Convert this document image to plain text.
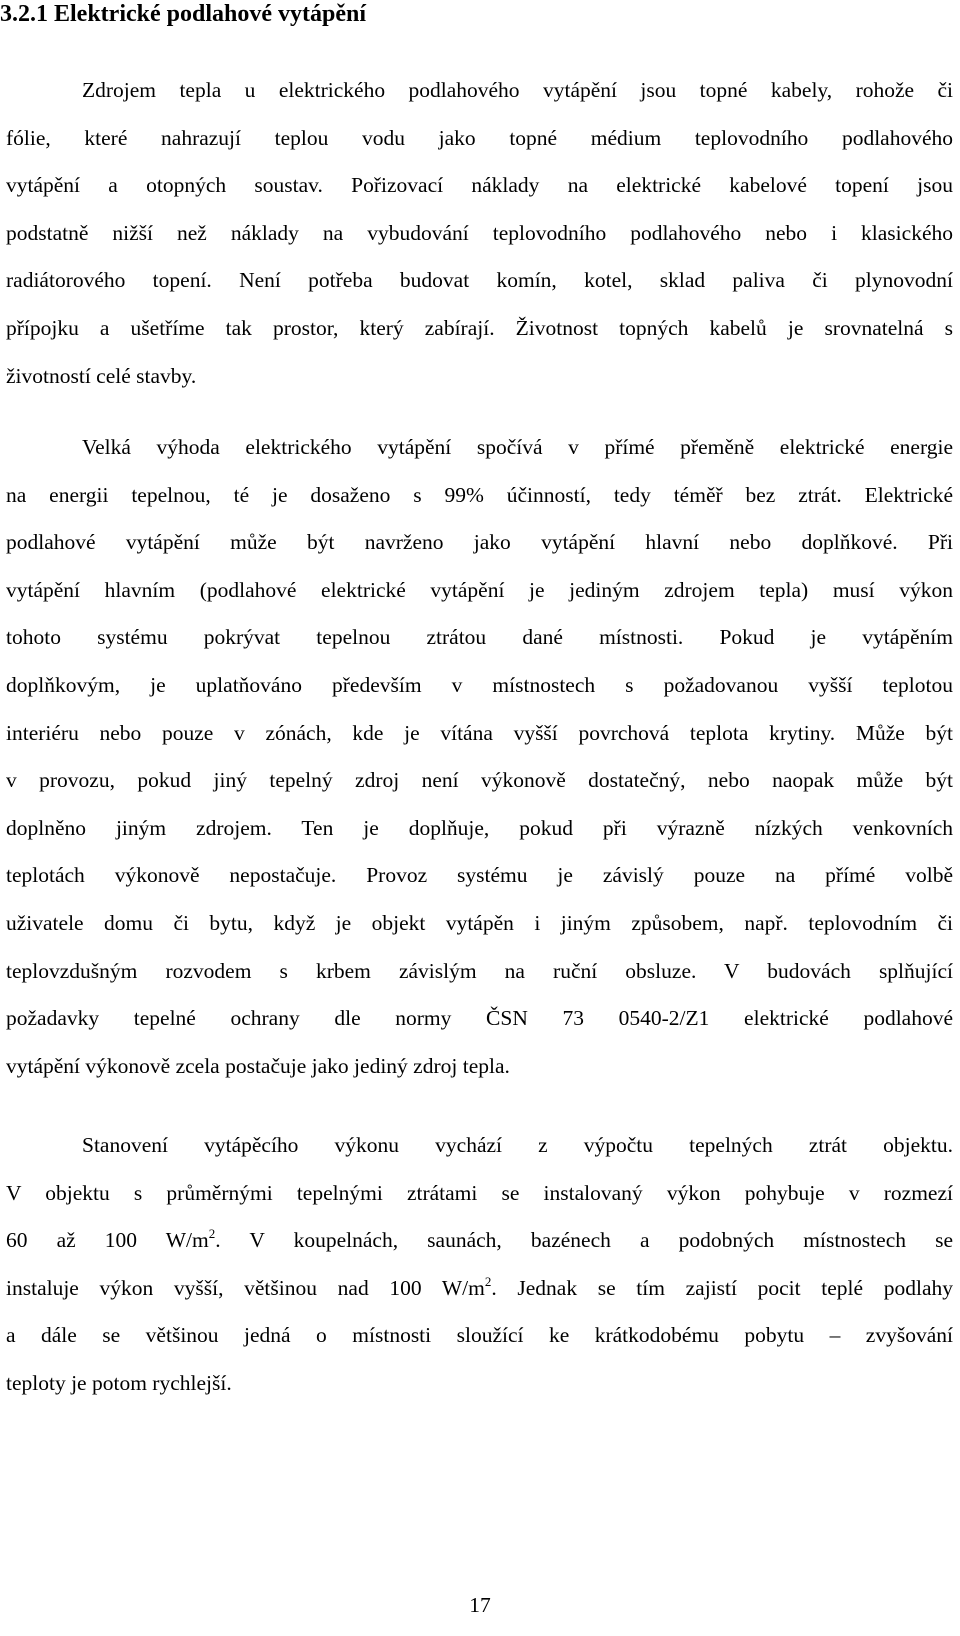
3.2.1 Elektrické podlahové vytápění
Zdrojem tepla u elektrického podlahového vytápění jsou topné kabely, rohože či
fólie, které nahrazují teplou vodu jako topné médium teplovodního podlahového
vytápění a otopných soustav. Pořizovací náklady na elektrické kabelové topení jsou
podstatně nižší než náklady na vybudování teplovodního podlahového nebo i klasického
radiátorového topení. Není potřeba budovat komín, kotel, sklad paliva či plynovodní
přípojku a ušetříme tak prostor, který zabírají. Životnost topných kabelů je srovnatelná s
životností celé stavby.
Velká výhoda elektrického vytápění spočívá v přímé přeměně elektrické energie
na energii tepelnou, té je dosaženo s 99% účinností, tedy téměř bez ztrát. Elektrické
podlahové vytápění může být navrženo jako vytápění hlavní nebo doplňkové. Při
vytápění hlavním (podlahové elektrické vytápění je jediným zdrojem tepla) musí výkon
tohoto systému pokrývat tepelnou ztrátou dané místnosti. Pokud je vytápěním
doplňkovým, je uplatňováno především v místnostech s požadovanou vyšší teplotou
interiéru nebo pouze v zónách, kde je vítána vyšší povrchová teplota krytiny. Může být
v provozu, pokud jiný tepelný zdroj není výkonově dostatečný, nebo naopak může být
doplněno jiným zdrojem. Ten je doplňuje, pokud při výrazně nízkých venkovních
teplotách výkonově nepostačuje. Provoz systému je závislý pouze na přímé volbě
uživatele domu či bytu, když je objekt vytápěn i jiným způsobem, např. teplovodním či
teplovzdušným rozvodem s krbem závislým na ruční obsluze. V budovách splňující
požadavky tepelné ochrany dle normy ČSN 73 0540-2/Z1 elektrické podlahové
vytápění výkonově zcela postačuje jako jediný zdroj tepla.
Stanovení vytápěcího výkonu vychází z výpočtu tepelných ztrát objektu.
V objektu s průměrnými tepelnými ztrátami se instalovaný výkon pohybuje v rozmezí
60 až 100 $W/m^2$. V koupelnách, saunách, bazénech a podobných místnostech se
instaluje výkon vyšší, většinou nad 100 $W/m^2$. Jednak se tím zajistí pocit teplé podlahy
a dále se většinou jedná o místnosti sloužící ke krátkodobému pobytu – zvyšování
teploty je potom rychlejší.
17
